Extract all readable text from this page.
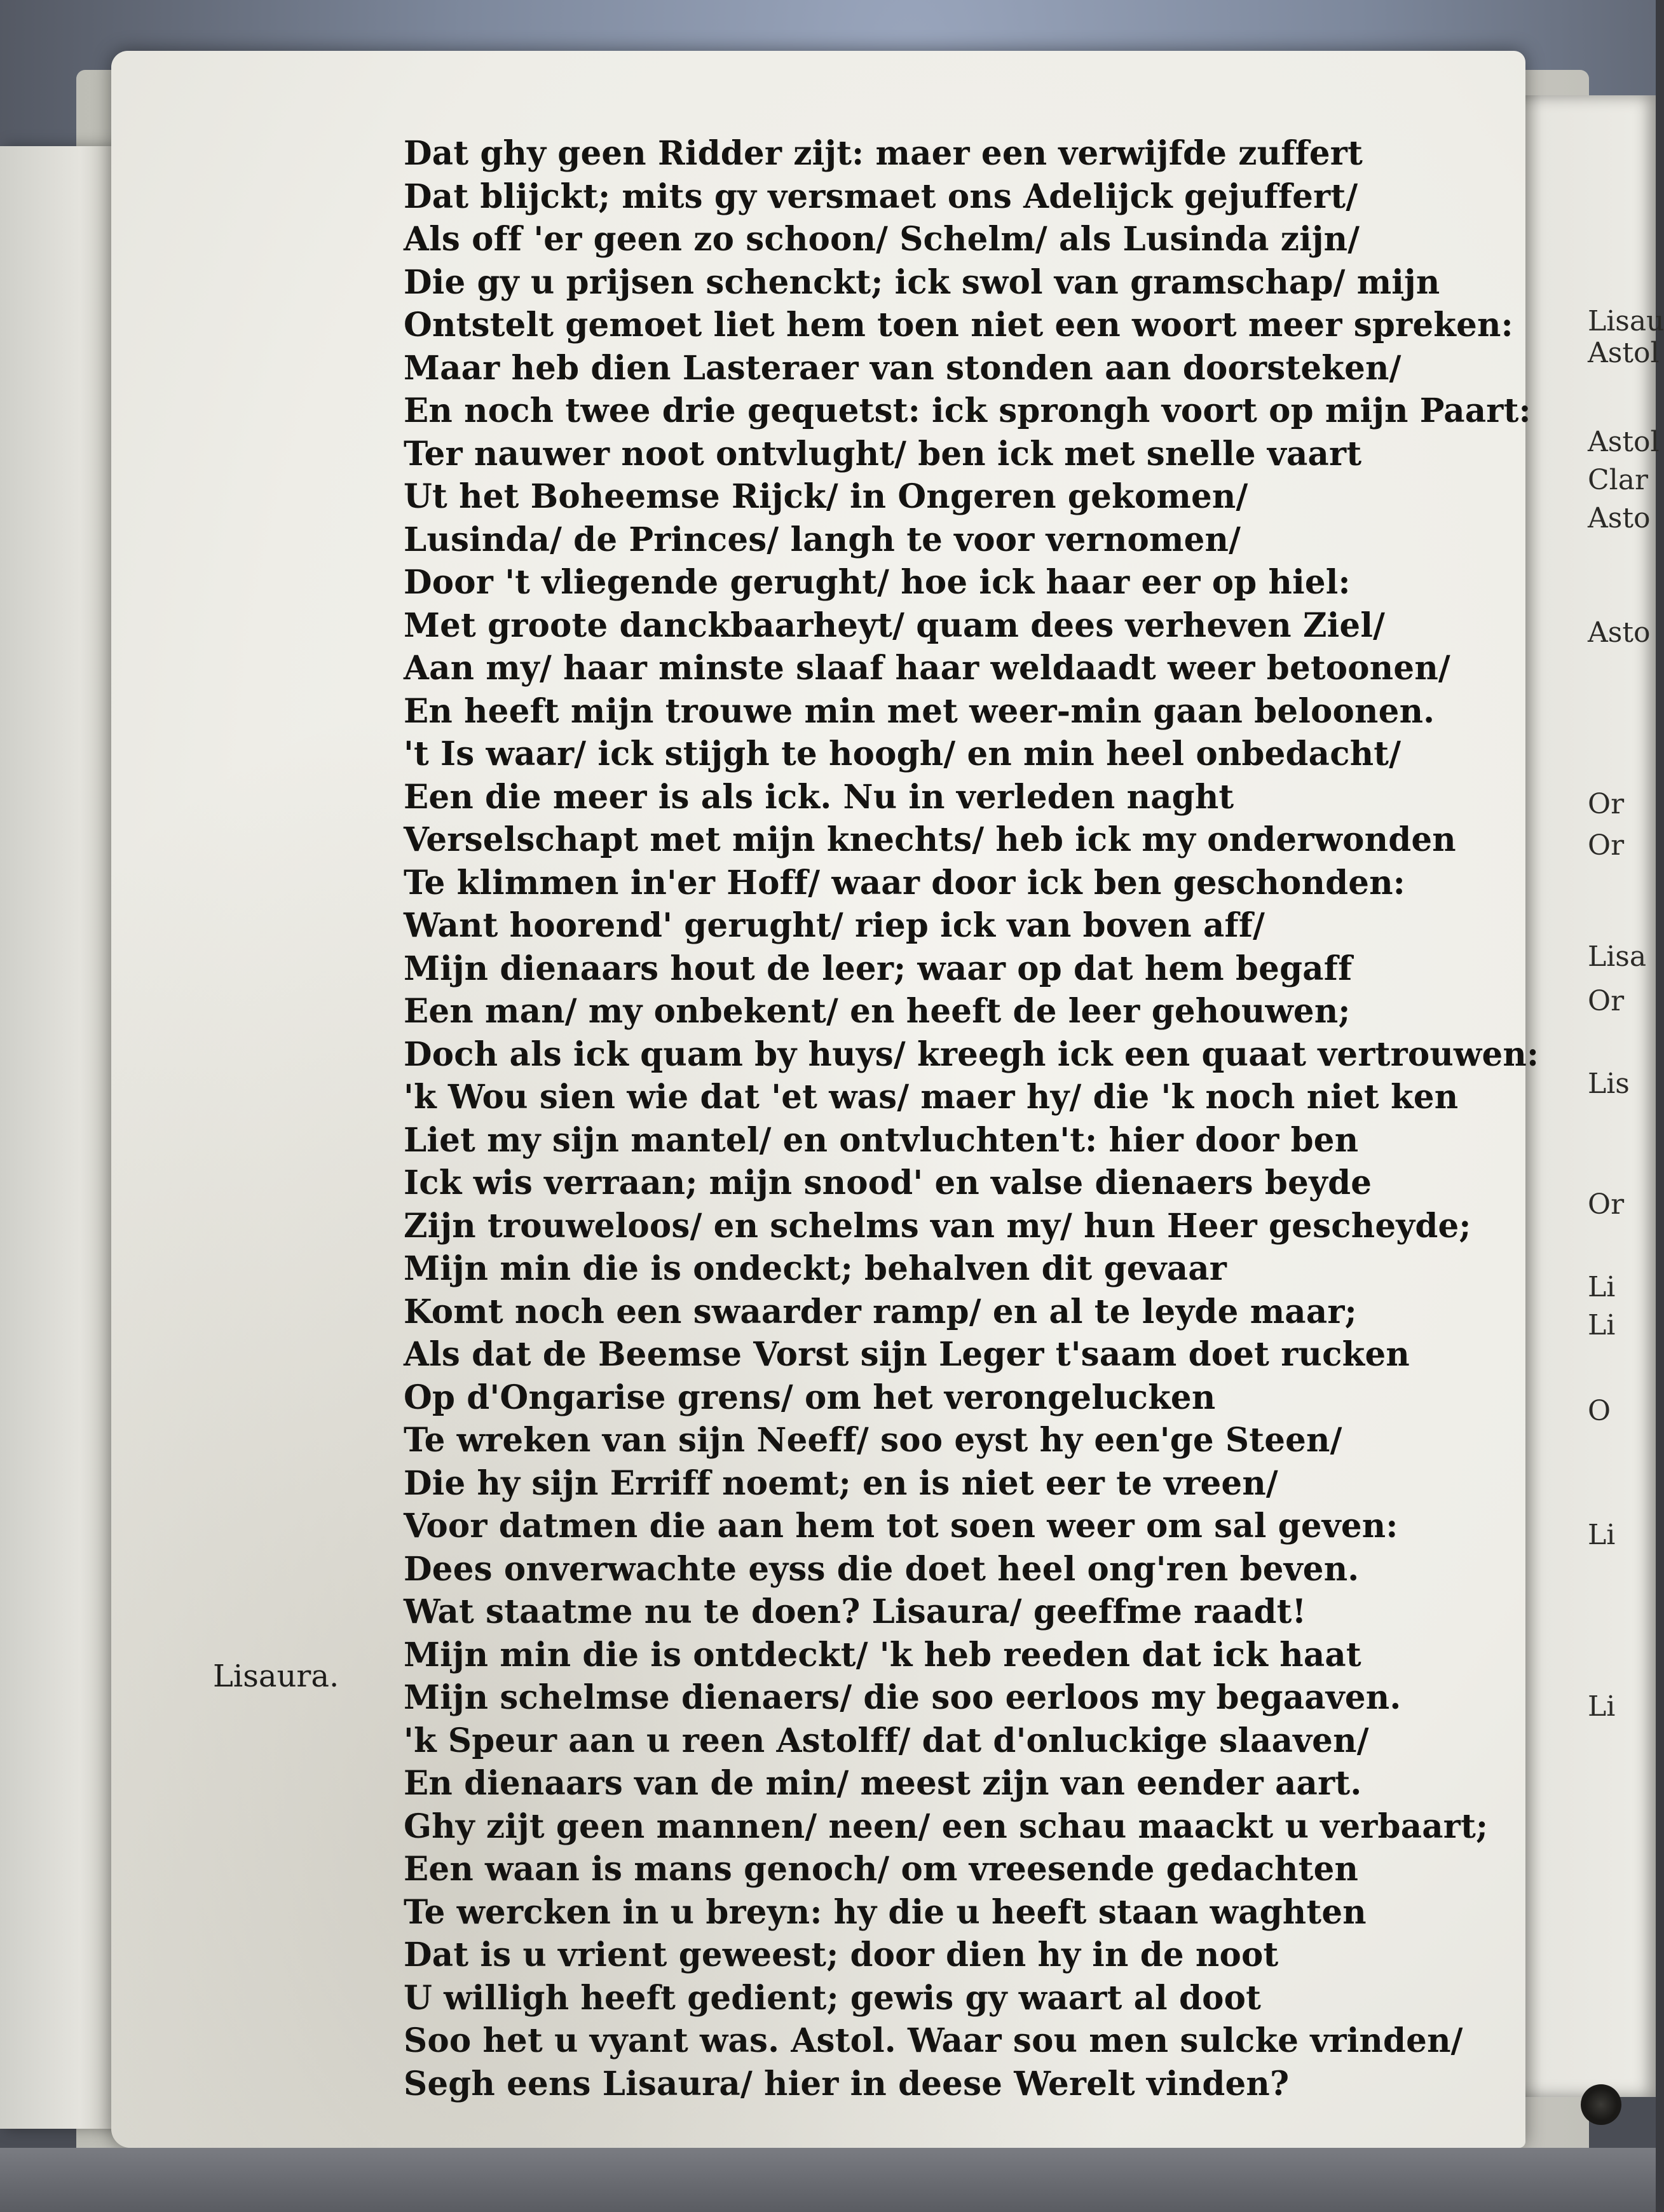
Lisau
Astol
Astol
Clar
Asto
Asto
Or
Or
Lisa
Or
Lis
Or
Li
Li
O
Li
Li
Lisaura.
Dat ghy geen Ridder zijt: maer een verwijfde zuffert
Dat blijckt; mits gy versmaet ons Adelijck gejuffert/
Als off 'er geen zo schoon/ Schelm/ als Lusinda zijn/
Die gy u prijsen schenckt; ick swol van gramschap/ mijn
Ontstelt gemoet liet hem toen niet een woort meer spreken:
Maar heb dien Lasteraer van stonden aan doorsteken/
En noch twee drie gequetst: ick sprongh voort op mijn Paart:
Ter nauwer noot ontvlught/ ben ick met snelle vaart
Ut het Boheemse Rijck/ in Ongeren gekomen/
Lusinda/ de Princes/ langh te voor vernomen/
Door 't vliegende gerught/ hoe ick haar eer op hiel:
Met groote danckbaarheyt/ quam dees verheven Ziel/
Aan my/ haar minste slaaf haar weldaadt weer betoonen/
En heeft mijn trouwe min met weer-min gaan beloonen.
't Is waar/ ick stijgh te hoogh/ en min heel onbedacht/
Een die meer is als ick. Nu in verleden naght
Verselschapt met mijn knechts/ heb ick my onderwonden
Te klimmen in'er Hoff/ waar door ick ben geschonden:
Want hoorend' gerught/ riep ick van boven aff/
Mijn dienaars hout de leer; waar op dat hem begaff
Een man/ my onbekent/ en heeft de leer gehouwen;
Doch als ick quam by huys/ kreegh ick een quaat vertrouwen:
'k Wou sien wie dat 'et was/ maer hy/ die 'k noch niet ken
Liet my sijn mantel/ en ontvluchten't: hier door ben
Ick wis verraan; mijn snood' en valse dienaers beyde
Zijn trouweloos/ en schelms van my/ hun Heer gescheyde;
Mijn min die is ondeckt; behalven dit gevaar
Komt noch een swaarder ramp/ en al te leyde maar;
Als dat de Beemse Vorst sijn Leger t'saam doet rucken
Op d'Ongarise grens/ om het verongelucken
Te wreken van sijn Neeff/ soo eyst hy een'ge Steen/
Die hy sijn Erriff noemt; en is niet eer te vreen/
Voor datmen die aan hem tot soen weer om sal geven:
Dees onverwachte eyss die doet heel ong'ren beven.
Wat staatme nu te doen? Lisaura/ geeffme raadt!
Mijn min die is ontdeckt/ 'k heb reeden dat ick haat
Mijn schelmse dienaers/ die soo eerloos my begaaven.
'k Speur aan u reen Astolff/ dat d'onluckige slaaven/
En dienaars van de min/ meest zijn van eender aart.
Ghy zijt geen mannen/ neen/ een schau maackt u verbaart;
Een waan is mans genoch/ om vreesende gedachten
Te wercken in u breyn: hy die u heeft staan waghten
Dat is u vrient geweest; door dien hy in de noot
U willigh heeft gedient; gewis gy waart al doot
Soo het u vyant was. Astol. Waar sou men sulcke vrinden/
Segh eens Lisaura/ hier in deese Werelt vinden?
